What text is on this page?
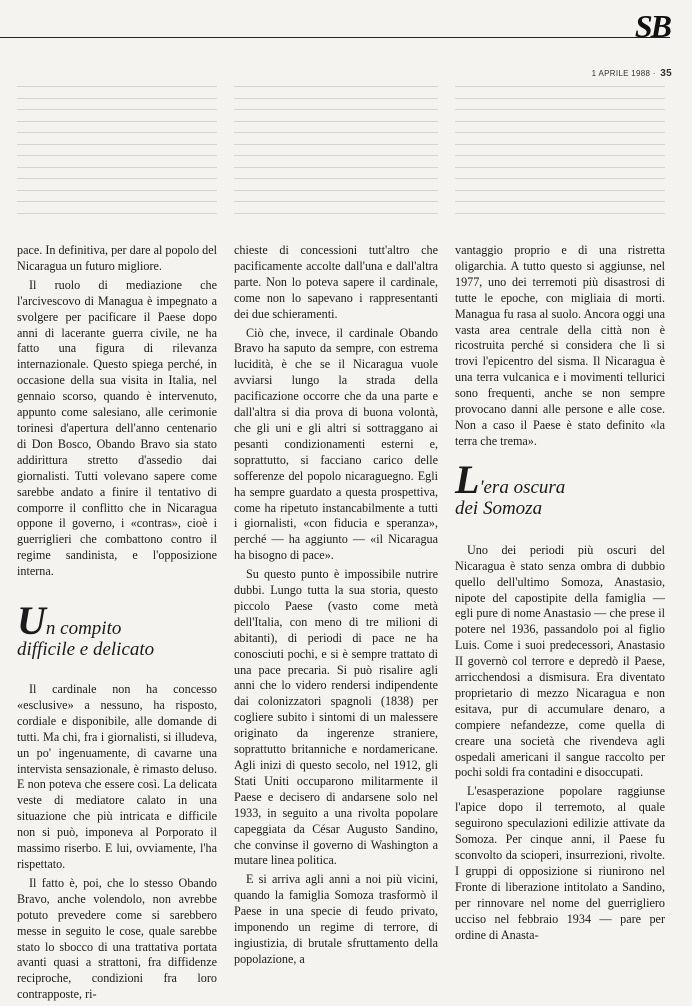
SB
1 APRILE 1988 · 35

pace. In definitiva, per dare al popolo del Nicaragua un futuro migliore.

Il ruolo di mediazione che l'arcivescovo di Managua è impegnato a svolgere per pacificare il Paese dopo anni di lacerante guerra civile, ne ha fatto una figura di rilevanza internazionale. Questo spiega perché, in occasione della sua visita in Italia, nel gennaio scorso, quando è intervenuto, appunto come salesiano, alle cerimonie torinesi d'apertura dell'anno centenario di Don Bosco, Obando Bravo sia stato addirittura stretto d'assedio dai giornalisti. Tutti volevano sapere come sarebbe andato a finire il tentativo di comporre il conflitto che in Nicaragua oppone il governo, i «contras», cioè i guerriglieri che combattono contro il regime sandinista, e l'opposizione interna.

Un compito
difficile e delicato

Il cardinale non ha concesso «esclusive» a nessuno, ha risposto, cordiale e disponibile, alle domande di tutti. Ma chi, fra i giornalisti, si illudeva, un po' ingenuamente, di cavarne una intervista sensazionale, è rimasto deluso. E non poteva che essere così. La delicata veste di mediatore calato in una situazione che più intricata e difficile non si può, imponeva al Porporato il massimo riserbo. E lui, ovviamente, l'ha rispettato.

Il fatto è, poi, che lo stesso Obando Bravo, anche volendolo, non avrebbe potuto prevedere come si sarebbero messe in seguito le cose, quale sarebbe stato lo sbocco di una trattativa portata avanti quasi a strattoni, fra diffidenze reciproche, condizioni fra loro contrapposte, ri-

chieste di concessioni tutt'altro che pacificamente accolte dall'una e dall'altra parte. Non lo poteva sapere il cardinale, come non lo sapevano i rappresentanti dei due schieramenti.

Ciò che, invece, il cardinale Obando Bravo ha saputo da sempre, con estrema lucidità, è che se il Nicaragua vuole avviarsi lungo la strada della pacificazione occorre che da una parte e dall'altra si dia prova di buona volontà, che gli uni e gli altri si sottraggano ai pesanti condizionamenti esterni e, soprattutto, si facciano carico delle sofferenze del popolo nicaraguegno. Egli ha sempre guardato a questa prospettiva, come ha ripetuto instancabilmente a tutti i giornalisti, «con fiducia e speranza», perché — ha aggiunto — «il Nicaragua ha bisogno di pace».

Su questo punto è impossibile nutrire dubbi. Lungo tutta la sua storia, questo piccolo Paese (vasto come metà dell'Italia, con meno di tre milioni di abitanti), di periodi di pace ne ha conosciuti pochi, e si è sempre trattato di una pace precaria. Si può risalire agli anni che lo videro rendersi indipendente dai colonizzatori spagnoli (1838) per cogliere subito i sintomi di un malessere originato da ingerenze straniere, soprattutto britanniche e nordamericane. Agli inizi di questo secolo, nel 1912, gli Stati Uniti occuparono militarmente il Paese e decisero di andarsene solo nel 1933, in seguito a una rivolta popolare capeggiata da César Augusto Sandino, che convinse il governo di Washington a mutare linea politica.

E si arriva agli anni a noi più vicini, quando la famiglia Somoza trasformò il Paese in una specie di feudo privato, imponendo un regime di terrore, di ingiustizia, di brutale sfruttamento della popolazione, a

vantaggio proprio e di una ristretta oligarchia. A tutto questo si aggiunse, nel 1977, uno dei terremoti più disastrosi di tutte le epoche, con migliaia di morti. Managua fu rasa al suolo. Ancora oggi una vasta area centrale della città non è ricostruita perché si considera che lì si trovi l'epicentro del sisma. Il Nicaragua è una terra vulcanica e i movimenti tellurici sono frequenti, anche se non sempre provocano danni alle persone e alle cose. Non a caso il Paese è stato definito «la terra che trema».

L'era oscura
dei Somoza

Uno dei periodi più oscuri del Nicaragua è stato senza ombra di dubbio quello dell'ultimo Somoza, Anastasio, nipote del capostipite della famiglia — egli pure di nome Anastasio — che prese il potere nel 1936, passandolo poi al figlio Luis. Come i suoi predecessori, Anastasio II governò col terrore e depredò il Paese, arricchendosi a dismisura. Era diventato proprietario di mezzo Nicaragua e non esitava, pur di accumulare denaro, a compiere nefandezze, come quella di creare una società che rivendeva agli ospedali americani il sangue raccolto per pochi soldi fra contadini e disoccupati.

L'esasperazione popolare raggiunse l'apice dopo il terremoto, al quale seguirono speculazioni edilizie attivate da Somoza. Per cinque anni, il Paese fu sconvolto da scioperi, insurrezioni, rivolte. I gruppi di opposizione si riunirono nel Fronte di liberazione intitolato a Sandino, per rinnovare nel nome del guerrigliero ucciso nel febbraio 1934 — pare per ordine di Anasta-
